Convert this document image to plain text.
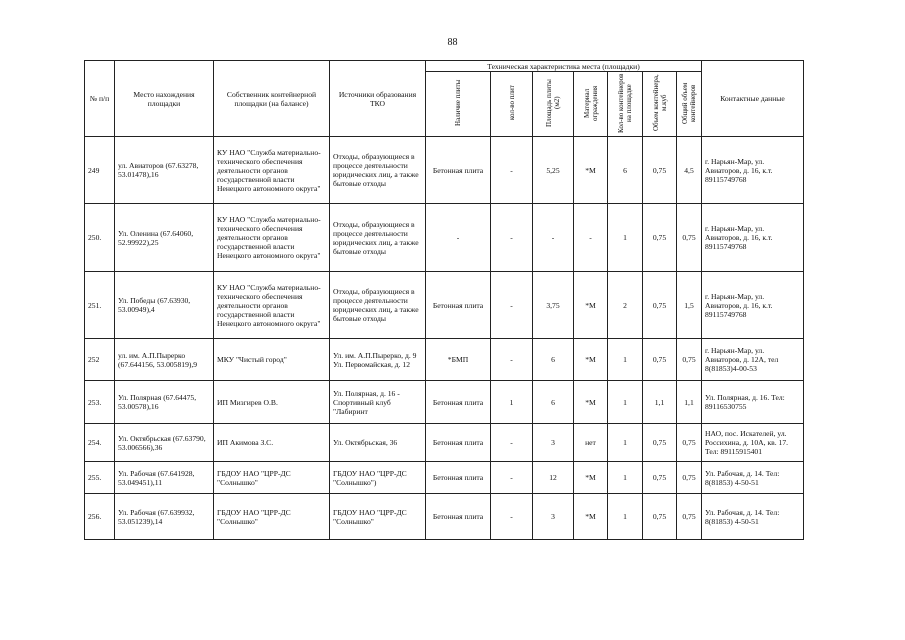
88
№ п/п	Место нахождения площадки	Собственник контейнерной площадки (на балансе)	Источники образования ТКО	Техническая характеристика места (площадки)							Контактные данные
				Наличие плиты	кол-во плит	Площадь плиты (м2)	Материал ограждения	Кол-во контейнеров на площадке	Объем контейнера, м.куб	Общий объем контейнеров	
249	ул. Авиаторов (67.63278, 53.01478),16	КУ НАО "Служба материально-технического обеспечения деятельности органов государственной власти Ненецкого автономного округа"	Отходы, образующиеся в процессе деятельности юридических лиц, а также бытовые отходы	Бетонная плита	-	5,25	*М	6	0,75	4,5	г. Нарьян-Мар, ул. Авиаторов, д. 16, к.т. 89115749768
250.	Ул. Оленина (67.64060, 52.99922),25	КУ НАО "Служба материально-технического обеспечения деятельности органов государственной власти Ненецкого автономного округа"	Отходы, образующиеся в процессе деятельности юридических лиц, а также бытовые отходы	-	-	-	-	1	0,75	0,75	г. Нарьян-Мар, ул. Авиаторов, д. 16, к.т. 89115749768
251.	Ул. Победы (67.63930, 53.00949),4	КУ НАО "Служба материально-технического обеспечения деятельности органов государственной власти Ненецкого автономного округа"	Отходы, образующиеся в процессе деятельности юридических лиц, а также бытовые отходы	Бетонная плита	-	3,75	*М	2	0,75	1,5	г. Нарьян-Мар, ул. Авиаторов, д. 16, к.т. 89115749768
252	ул. им. А.П.Пырерко (67.644156, 53.005819),9	МКУ "Чистый город"	Ул. им. А.П.Пырерко, д. 9 Ул. Первомайская, д. 12	*БМП	-	6	*М	1	0,75	0,75	г. Нарьян-Мар, ул. Авиаторов, д. 12А, тел 8(81853)4-00-53
253.	Ул. Полярная (67.64475, 53.00578),16	ИП Мизгирев О.В.	Ул. Полярная, д. 16 - Спортивный клуб "Лабиринт	Бетонная плита	1	6	*М	1	1,1	1,1	Ул. Полярная, д. 16. Тел: 89116530755
254.	Ул. Октябрьская (67.63790, 53.006566),36	ИП Акимова З.С.	Ул. Октябрьская, 36	Бетонная плита	-	3	нет	1	0,75	0,75	НАО, пос. Искателей, ул. Россихина, д. 10А, кв. 17. Тел: 89115915401
255.	Ул. Рабочая (67.641928, 53.049451),11	ГБДОУ НАО "ЦРР-ДС "Солнышко"	ГБДОУ НАО "ЦРР-ДС "Солнышко")	Бетонная плита	-	12	*М	1	0,75	0,75	Ул. Рабочая, д. 14. Тел: 8(81853) 4-50-51
256.	Ул. Рабочая (67.639932, 53.051239),14	ГБДОУ НАО "ЦРР-ДС "Солнышко"	ГБДОУ НАО "ЦРР-ДС "Солнышко"	Бетонная плита	-	3	*М	1	0,75	0,75	Ул. Рабочая, д. 14. Тел: 8(81853) 4-50-51
